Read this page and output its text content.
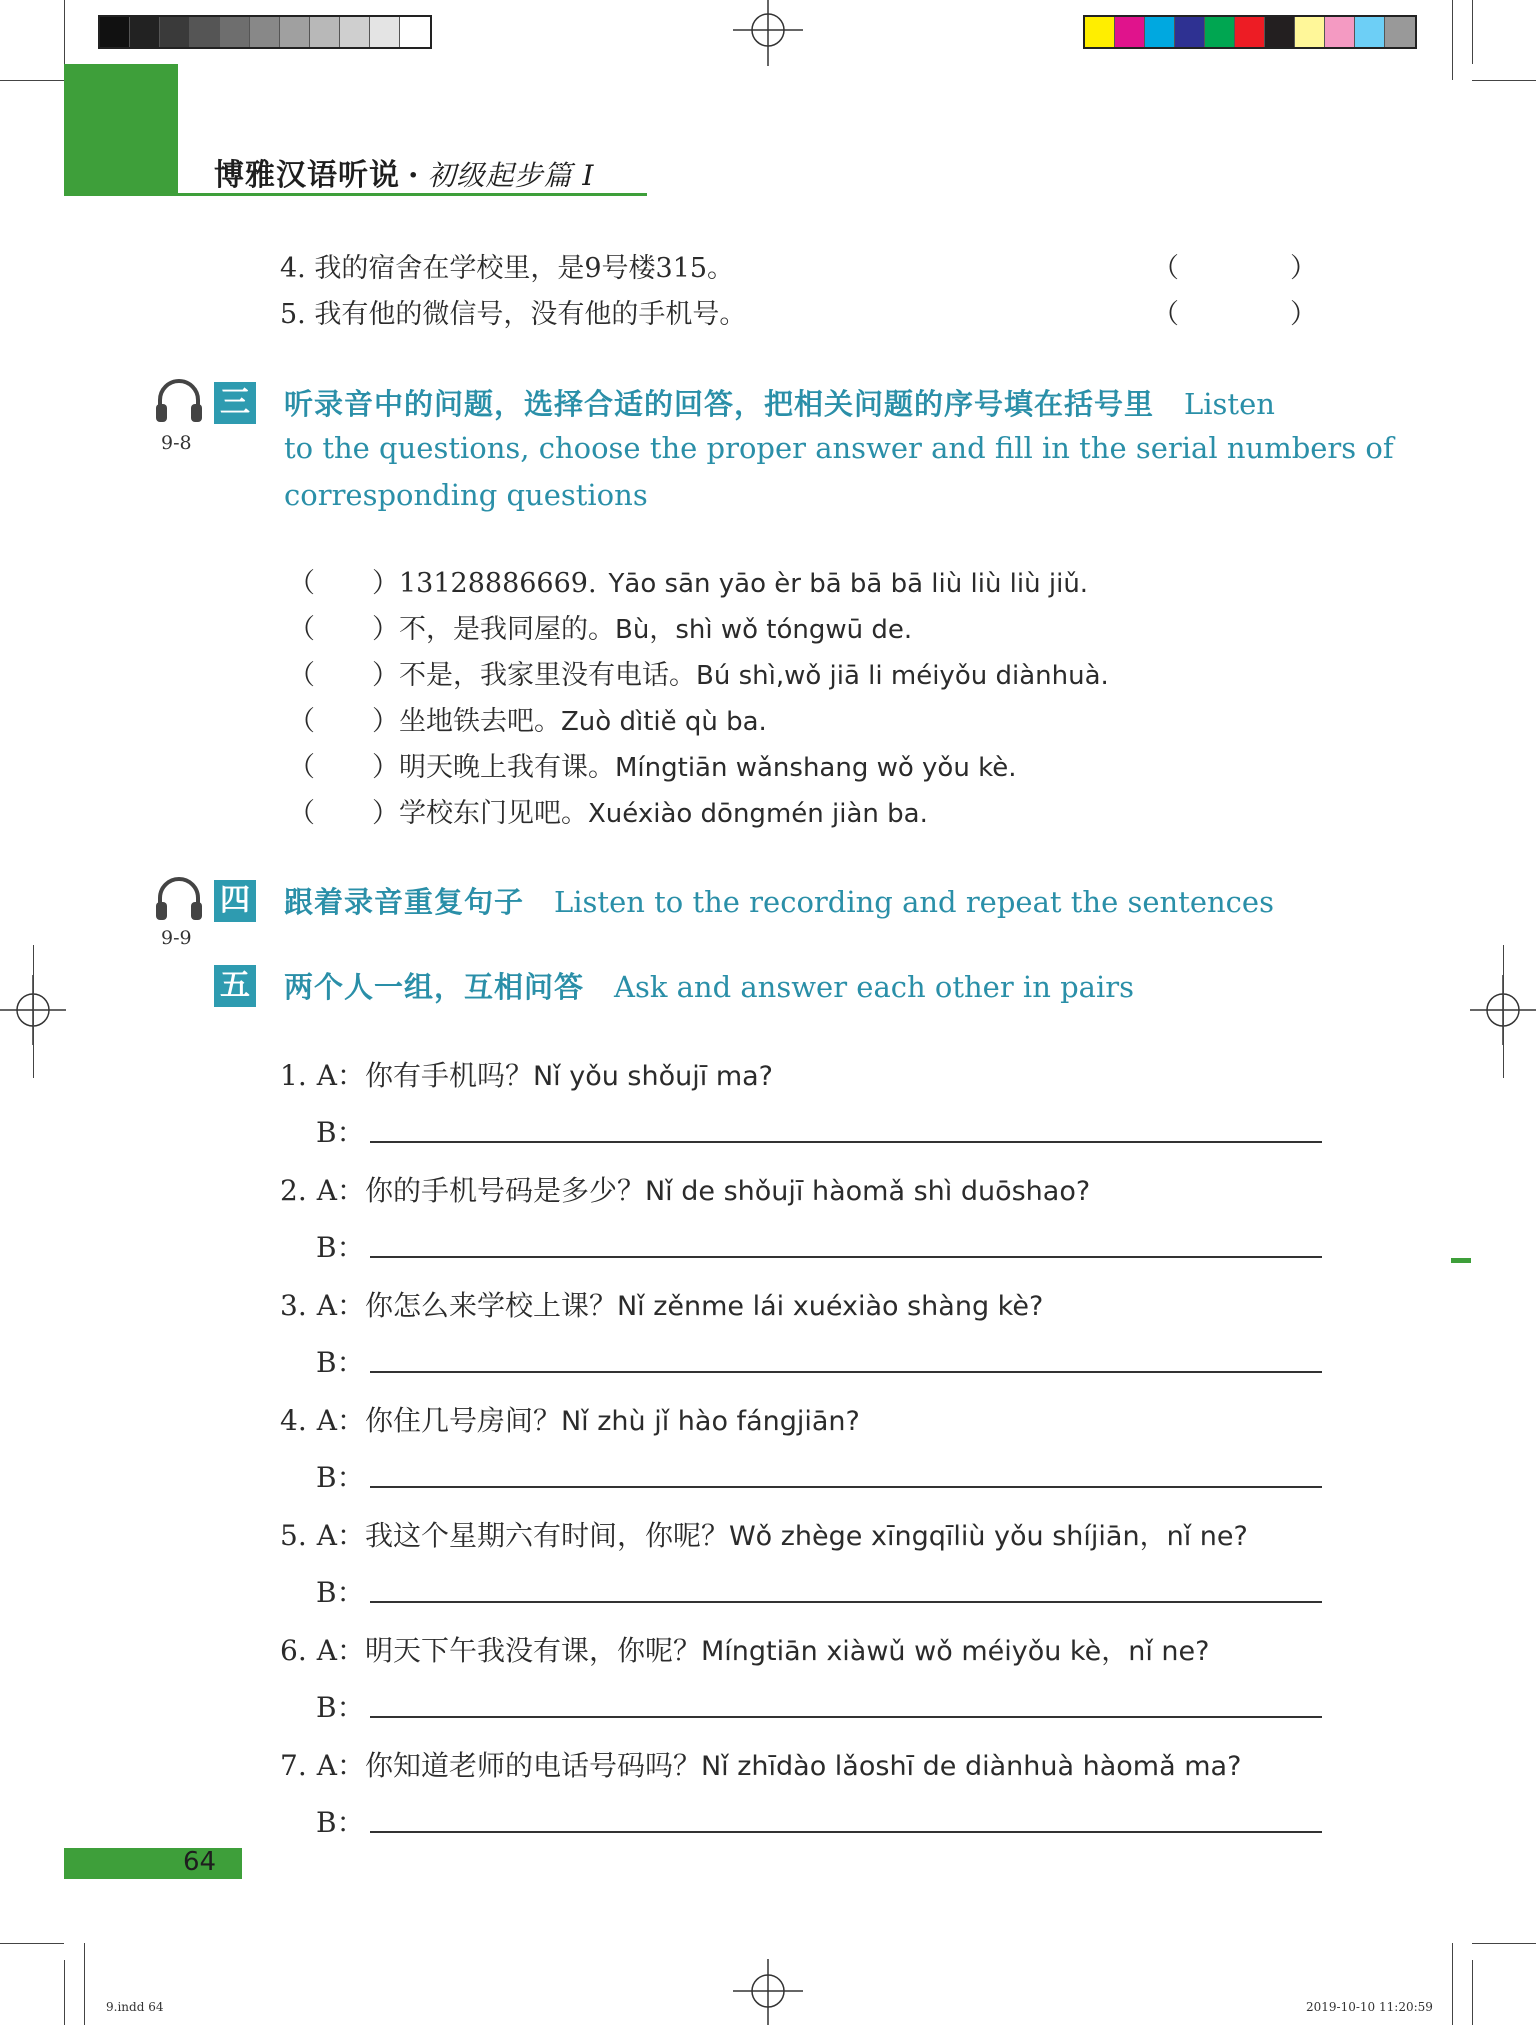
博雅汉语听说 · 初级起步篇 I
4. 我的宿舍在学校里，是9号楼315。	（	）
5. 我有他的微信号，没有他的手机号。	（	）
9-8
三 听录音中的问题，选择合适的回答，把相关问题的序号填在括号里 Listen
to the questions, choose the proper answer and fill in the serial numbers of
corresponding questions
（ ）13128886669. Yāo sān yāo èr bā bā bā liù liù liù jiǔ.
（ ）不，是我同屋的。Bù，shì wǒ tóngwū de.
（ ）不是，我家里没有电话。Bú shì,wǒ jiā li méiyǒu diànhuà.
（ ）坐地铁去吧。Zuò dìtiě qù ba.
（ ）明天晚上我有课。Míngtiān wǎnshang wǒ yǒu kè.
（ ）学校东门见吧。Xuéxiào dōngmén jiàn ba.
9-9
四 跟着录音重复句子 Listen to the recording and repeat the sentences
五 两个人一组，互相问答 Ask and answer each other in pairs
1. A：你有手机吗？Nǐ yǒu shǒujī ma?
B：
2. A：你的手机号码是多少？Nǐ de shǒujī hàomǎ shì duōshao?
B：
3. A：你怎么来学校上课？Nǐ zěnme lái xuéxiào shàng kè?
B：
4. A：你住几号房间？Nǐ zhù jǐ hào fángjiān?
B：
5. A：我这个星期六有时间，你呢？Wǒ zhège xīngqīliù yǒu shíjiān，nǐ ne?
B：
6. A：明天下午我没有课，你呢？Míngtiān xiàwǔ wǒ méiyǒu kè，nǐ ne?
B：
7. A：你知道老师的电话号码吗？Nǐ zhīdào lǎoshī de diànhuà hàomǎ ma?
B：
64
9.indd 64	2019-10-10 11:20:59
